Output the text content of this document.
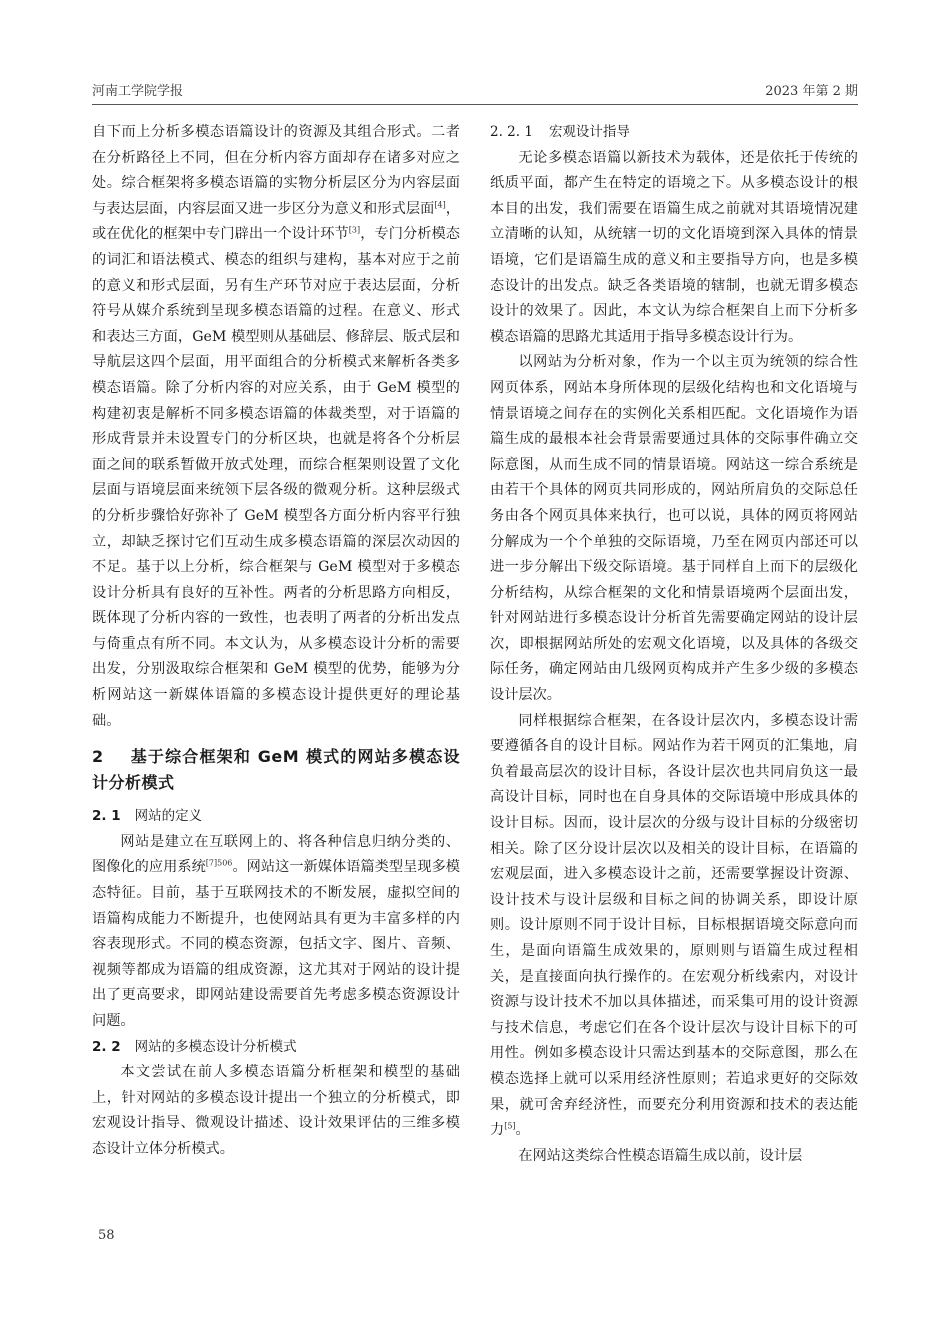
河南工学院学报	2023 年第 2 期

自下而上分析多模态语篇设计的资源及其组合形式。二者在分析路径上不同，但在分析内容方面却存在诸多对应之处。综合框架将多模态语篇的实物分析层区分为内容层面与表达层面，内容层面又进一步区分为意义和形式层面[4]，或在优化的框架中专门辟出一个设计环节[3]，专门分析模态的词汇和语法模式、模态的组织与建构，基本对应于之前的意义和形式层面，另有生产环节对应于表达层面，分析符号从媒介系统到呈现多模态语篇的过程。在意义、形式和表达三方面，GeM 模型则从基础层、修辞层、版式层和导航层这四个层面，用平面组合的分析模式来解析各类多模态语篇。除了分析内容的对应关系，由于 GeM 模型的构建初衷是解析不同多模态语篇的体裁类型，对于语篇的形成背景并未设置专门的分析区块，也就是将各个分析层面之间的联系暂做开放式处理，而综合框架则设置了文化层面与语境层面来统领下层各级的微观分析。这种层级式的分析步骤恰好弥补了 GeM 模型各方面分析内容平行独立，却缺乏探讨它们互动生成多模态语篇的深层次动因的不足。基于以上分析，综合框架与 GeM 模型对于多模态设计分析具有良好的互补性。两者的分析思路方向相反，既体现了分析内容的一致性，也表明了两者的分析出发点与倚重点有所不同。本文认为，从多模态设计分析的需要出发，分别汲取综合框架和 GeM 模型的优势，能够为分析网站这一新媒体语篇的多模态设计提供更好的理论基础。

2 基于综合框架和 GeM 模式的网站多模态设计分析模式
2. 1 网站的定义

网站是建立在互联网上的、将各种信息归纳分类的、图像化的应用系统$^{[7]506}$。网站这一新媒体语篇类型呈现多模态特征。目前，基于互联网技术的不断发展，虚拟空间的语篇构成能力不断提升，也使网站具有更为丰富多样的内容表现形式。不同的模态资源，包括文字、图片、音频、视频等都成为语篇的组成资源，这尤其对于网站的设计提出了更高要求，即网站建设需要首先考虑多模态资源设计问题。

2. 2 网站的多模态设计分析模式

本文尝试在前人多模态语篇分析框架和模型的基础上，针对网站的多模态设计提出一个独立的分析模式，即宏观设计指导、微观设计描述、设计效果评估的三维多模态设计立体分析模式。

2. 2. 1 宏观设计指导

无论多模态语篇以新技术为载体，还是依托于传统的纸质平面，都产生在特定的语境之下。从多模态设计的根本目的出发，我们需要在语篇生成之前就对其语境情况建立清晰的认知，从统辖一切的文化语境到深入具体的情景语境，它们是语篇生成的意义和主要指导方向，也是多模态设计的出发点。缺乏各类语境的辖制，也就无谓多模态设计的效果了。因此，本文认为综合框架自上而下分析多模态语篇的思路尤其适用于指导多模态设计行为。

以网站为分析对象，作为一个以主页为统领的综合性网页体系，网站本身所体现的层级化结构也和文化语境与情景语境之间存在的实例化关系相匹配。文化语境作为语篇生成的最根本社会背景需要通过具体的交际事件确立交际意图，从而生成不同的情景语境。网站这一综合系统是由若干个具体的网页共同形成的，网站所肩负的交际总任务由各个网页具体来执行，也可以说，具体的网页将网站分解成为一个个单独的交际语境，乃至在网页内部还可以进一步分解出下级交际语境。基于同样自上而下的层级化分析结构，从综合框架的文化和情景语境两个层面出发，针对网站进行多模态设计分析首先需要确定网站的设计层次，即根据网站所处的宏观文化语境，以及具体的各级交际任务，确定网站由几级网页构成并产生多少级的多模态设计层次。

同样根据综合框架，在各设计层次内，多模态设计需要遵循各自的设计目标。网站作为若干网页的汇集地，肩负着最高层次的设计目标，各设计层次也共同肩负这一最高设计目标，同时也在自身具体的交际语境中形成具体的设计目标。因而，设计层次的分级与设计目标的分级密切相关。除了区分设计层次以及相关的设计目标，在语篇的宏观层面，进入多模态设计之前，还需要掌握设计资源、设计技术与设计层级和目标之间的协调关系，即设计原则。设计原则不同于设计目标，目标根据语境交际意向而生，是面向语篇生成效果的，原则则与语篇生成过程相关，是直接面向执行操作的。在宏观分析线索内，对设计资源与设计技术不加以具体描述，而采集可用的设计资源与技术信息，考虑它们在各个设计层次与设计目标下的可用性。例如多模态设计只需达到基本的交际意图，那么在模态选择上就可以采用经济性原则；若追求更好的交际效果，就可舍弃经济性，而要充分利用资源和技术的表达能力[5]。

在网站这类综合性模态语篇生成以前，设计层

58
